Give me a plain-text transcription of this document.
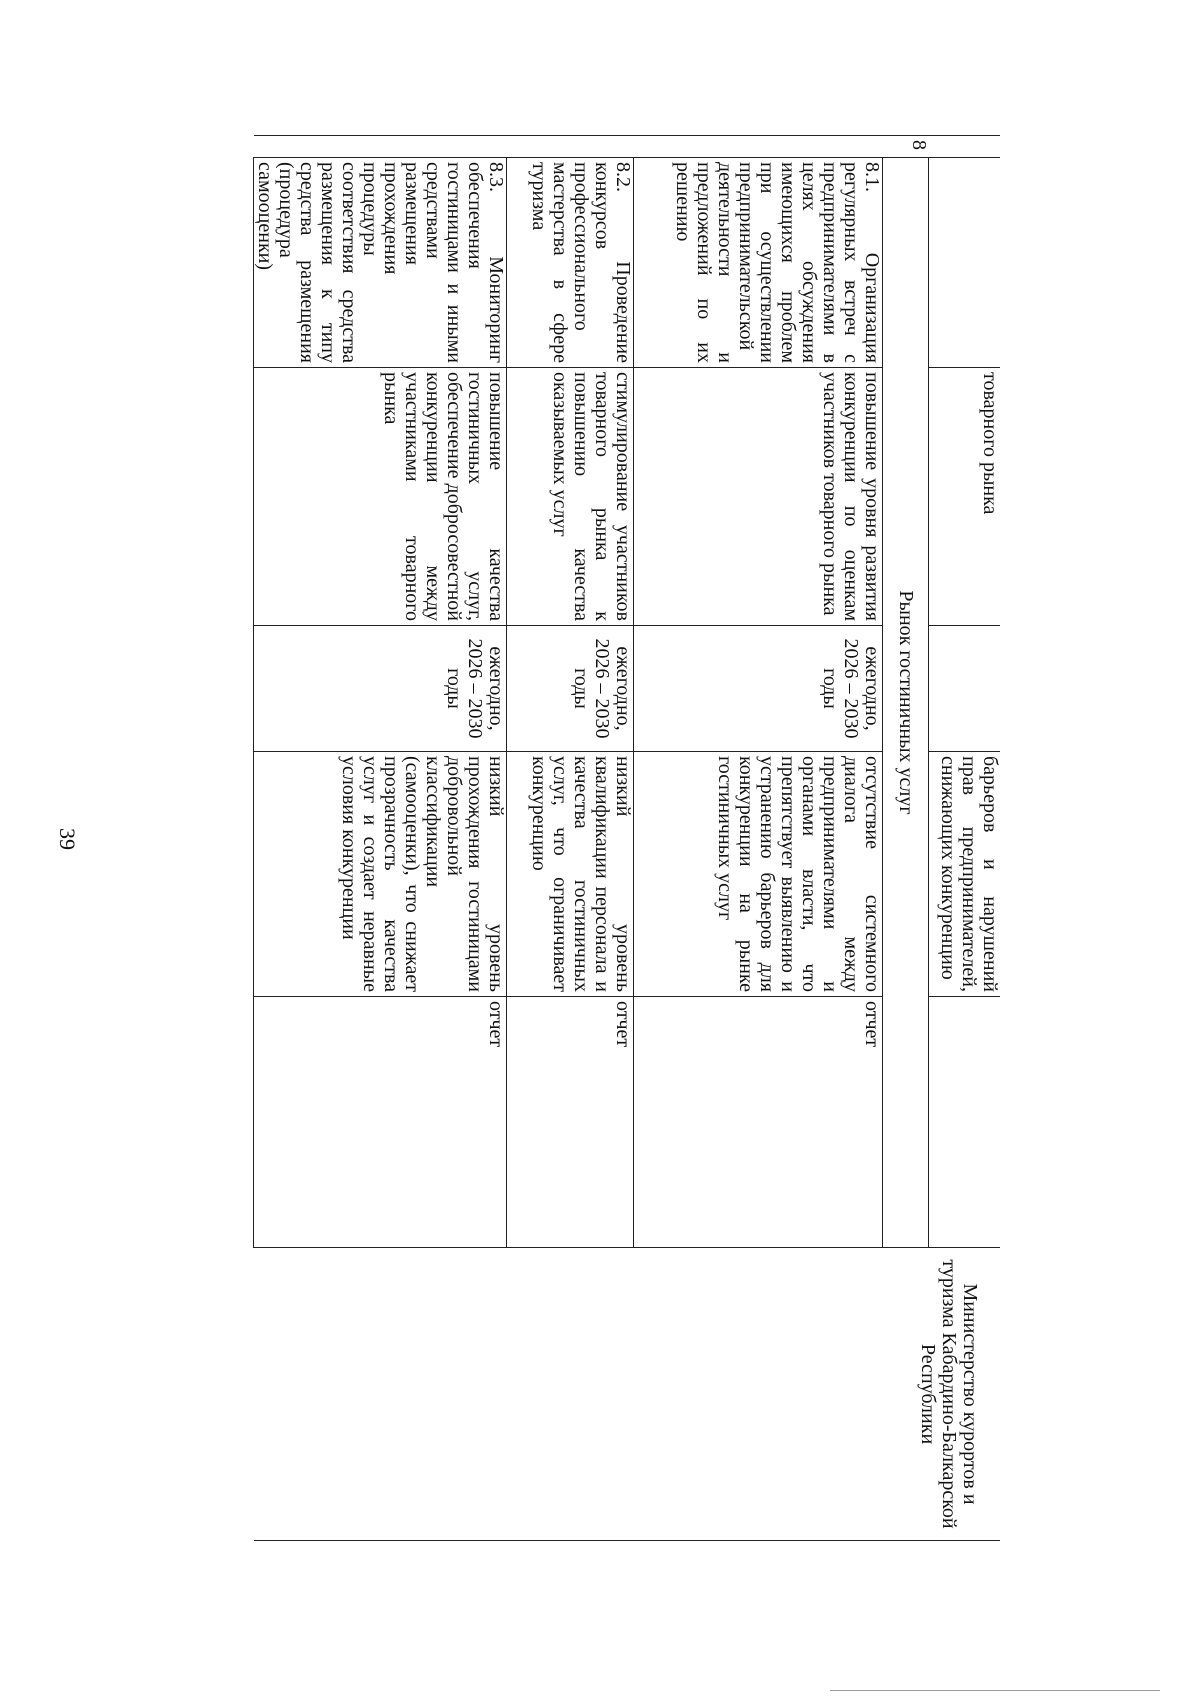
39
		товарного рынка		барьеров и нарушений прав предпринимателей, снижающих конкуренцию		Министерство курортов и туризма Кабардино-Балкарской Республики
8	Рынок гостиничных услуг					
	8.1. Организация регулярных встреч с предпринимателями в целях обсуждения имеющихся проблем при осуществлении предпринимательской деятельности и предложений по их решению	повышение уровня развития конкуренции по оценкам участников товарного рынка	ежегодно, 2026 – 2030 годы	отсутствие системного диалога между предпринимателями и органами власти, что препятствует выявлению и устранению барьеров для конкуренции на рынке гостиничных услуг	отчет	
	8.2. Проведение конкурсов профессионального мастерства в сфере туризма	стимулирование участников товарного рынка к повышению качества оказываемых услуг	ежегодно, 2026 – 2030 годы	низкий уровень квалификации персонала и качества гостиничных услуг, что ограничивает конкуренцию	отчет	
	8.3. Мониторинг обеспечения гостиницами и иными средствами размещения прохождения процедуры соответствия средства размещения к типу средства размещения (процедура самооценки)	повышение качества гостиничных услуг, обеспечение добросовестной конкуренции между участниками товарного рынка	ежегодно, 2026 – 2030 годы	низкий уровень прохождения гостиницами добровольной классификации (самооценки), что снижает прозрачность качества услуг и создает неравные условия конкуренции	отчет	
